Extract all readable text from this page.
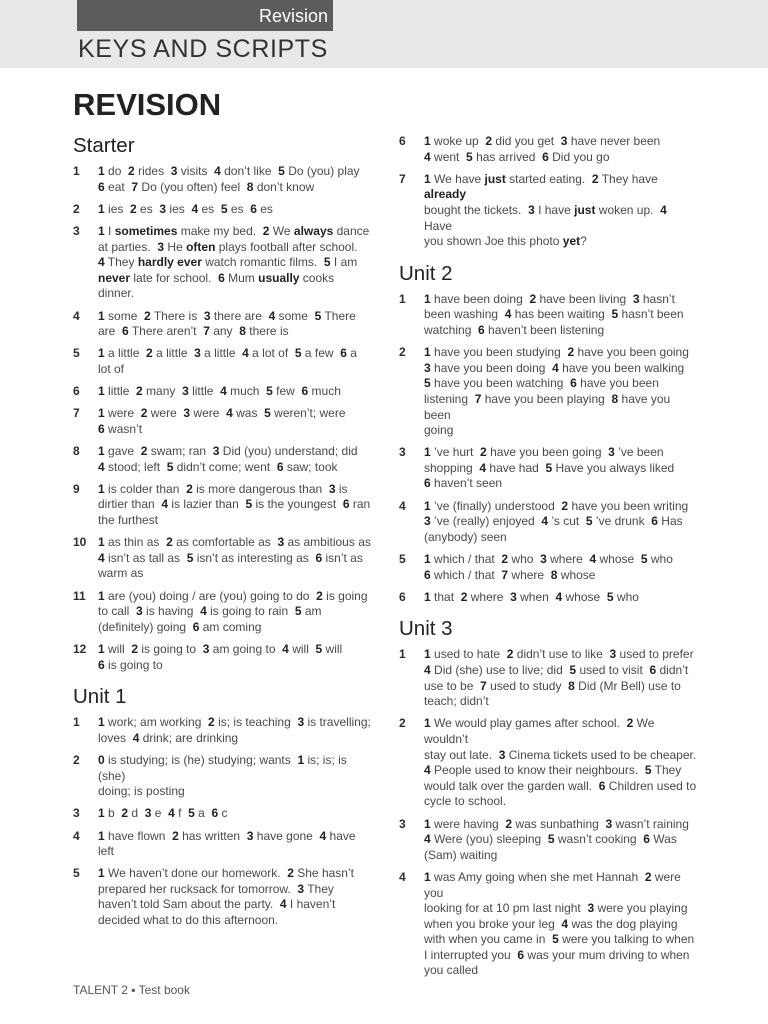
Revision
KEYS AND SCRIPTS
REVISION
Starter
1 1 do  2 rides  3 visits  4 don’t like  5 Do (you) play
6 eat  7 Do (you often) feel  8 don’t know
2 1 ies  2 es  3 ies  4 es  5 es  6 es
3 1 I sometimes make my bed.  2 We always dance
at parties.  3 He often plays football after school.
4 They hardly ever watch romantic films.  5 I am
never late for school.  6 Mum usually cooks
dinner.
4 1 some  2 There is  3 there are  4 some  5 There
are  6 There aren’t  7 any  8 there is
5 1 a little  2 a little  3 a little  4 a lot of  5 a few  6 a
lot of
6 1 little  2 many  3 little  4 much  5 few  6 much
7 1 were  2 were  3 were  4 was  5 weren’t; were
6 wasn’t
8 1 gave  2 swam; ran  3 Did (you) understand; did
4 stood; left  5 didn’t come; went  6 saw; took
9 1 is colder than  2 is more dangerous than  3 is
dirtier than  4 is lazier than  5 is the youngest  6 ran
the furthest
10 1 as thin as  2 as comfortable as  3 as ambitious as
4 isn’t as tall as  5 isn’t as interesting as  6 isn’t as
warm as
11 1 are (you) doing / are (you) going to do  2 is going
to call  3 is having  4 is going to rain  5 am
(definitely) going  6 am coming
12 1 will  2 is going to  3 am going to  4 will  5 will
6 is going to
Unit 1
1 1 work; am working  2 is; is teaching  3 is travelling;
loves  4 drink; are drinking
2 0 is studying; is (he) studying; wants  1 is; is; is (she)
doing; is posting
3 1 b  2 d  3 e  4 f  5 a  6 c
4 1 have flown  2 has written  3 have gone  4 have
left
5 1 We haven’t done our homework.  2 She hasn’t
prepared her rucksack for tomorrow.  3 They
haven’t told Sam about the party.  4 I haven’t
decided what to do this afternoon.
6 1 woke up  2 did you get  3 have never been
4 went  5 has arrived  6 Did you go
7 1 We have just started eating.  2 They have already
bought the tickets.  3 I have just woken up.  4 Have
you shown Joe this photo yet?
Unit 2
1 1 have been doing  2 have been living  3 hasn’t
been washing  4 has been waiting  5 hasn’t been
watching  6 haven’t been listening
2 1 have you been studying  2 have you been going
3 have you been doing  4 have you been walking
5 have you been watching  6 have you been
listening  7 have you been playing  8 have you been
going
3 1 ’ve hurt  2 have you been going  3 ’ve been
shopping  4 have had  5 Have you always liked
6 haven’t seen
4 1 ’ve (finally) understood  2 have you been writing
3 ’ve (really) enjoyed  4 ’s cut  5 ’ve drunk  6 Has
(anybody) seen
5 1 which / that  2 who  3 where  4 whose  5 who
6 which / that  7 where  8 whose
6 1 that  2 where  3 when  4 whose  5 who
Unit 3
1 1 used to hate  2 didn’t use to like  3 used to prefer
4 Did (she) use to live; did  5 used to visit  6 didn’t
use to be  7 used to study  8 Did (Mr Bell) use to
teach; didn’t
2 1 We would play games after school.  2 We wouldn’t
stay out late.  3 Cinema tickets used to be cheaper.
4 People used to know their neighbours.  5 They
would talk over the garden wall.  6 Children used to
cycle to school.
3 1 were having  2 was sunbathing  3 wasn’t raining
4 Were (you) sleeping  5 wasn’t cooking  6 Was
(Sam) waiting
4 1 was Amy going when she met Hannah  2 were you
looking for at 10 pm last night  3 were you playing
when you broke your leg  4 was the dog playing
with when you came in  5 were you talking to when
I interrupted you  6 was your mum driving to when
you called
TALENT 2 ▪ Test book
